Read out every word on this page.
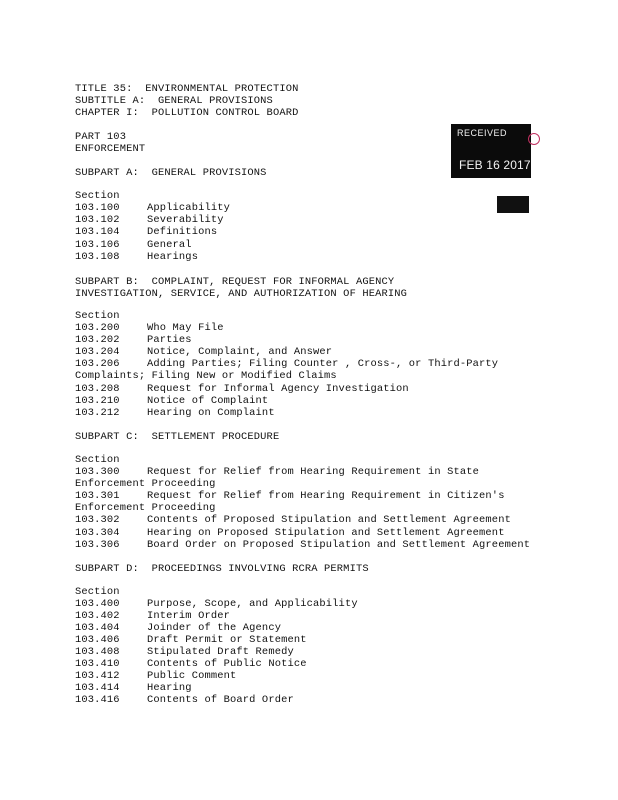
TITLE 35:  ENVIRONMENTAL PROTECTION
SUBTITLE A:  GENERAL PROVISIONS
CHAPTER I:  POLLUTION CONTROL BOARD
PART 103
ENFORCEMENT
RECEIVED
FEB 16 2017
SUBPART A:  GENERAL PROVISIONS
Section
103.100	Applicability
103.102	Severability
103.104	Definitions
103.106	General
103.108	Hearings
SUBPART B:  COMPLAINT, REQUEST FOR INFORMAL AGENCY
INVESTIGATION, SERVICE, AND AUTHORIZATION OF HEARING
Section
103.200	Who May File
103.202	Parties
103.204	Notice, Complaint, and Answer
103.206	Adding Parties; Filing Counter , Cross-, or Third-Party
Complaints; Filing New or Modified Claims
103.208	Request for Informal Agency Investigation
103.210	Notice of Complaint
103.212	Hearing on Complaint
SUBPART C:  SETTLEMENT PROCEDURE
Section
103.300	Request for Relief from Hearing Requirement in State
Enforcement Proceeding
103.301	Request for Relief from Hearing Requirement in Citizen's
Enforcement Proceeding
103.302	Contents of Proposed Stipulation and Settlement Agreement
103.304	Hearing on Proposed Stipulation and Settlement Agreement
103.306	Board Order on Proposed Stipulation and Settlement Agreement
SUBPART D:  PROCEEDINGS INVOLVING RCRA PERMITS
Section
103.400	Purpose, Scope, and Applicability
103.402	Interim Order
103.404	Joinder of the Agency
103.406	Draft Permit or Statement
103.408	Stipulated Draft Remedy
103.410	Contents of Public Notice
103.412	Public Comment
103.414	Hearing
103.416	Contents of Board Order
